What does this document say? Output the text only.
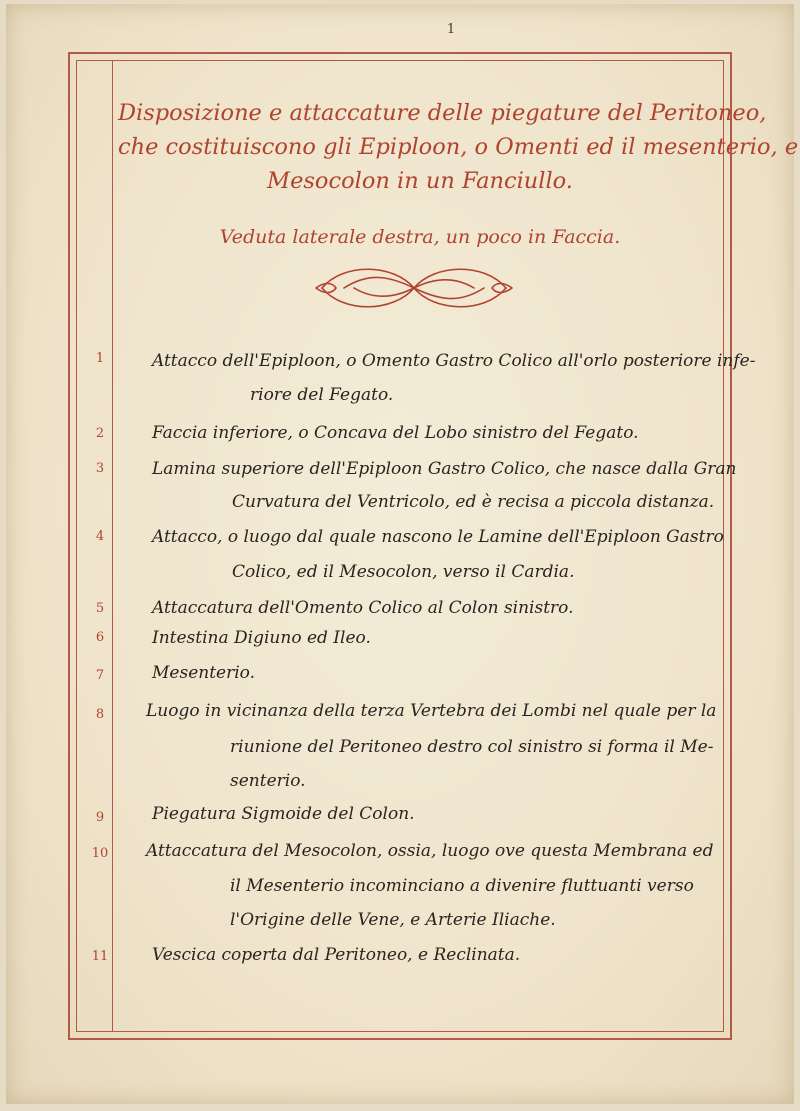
1
Disposizione e attaccature delle piegature del Peritoneo,
che costituiscono gli Epiploon, o Omenti ed il mesenterio, e
Mesocolon in un Fanciullo.
Veduta laterale destra, un poco in Faccia.
1	Attacco dell'Epiploon, o Omento Gastro Colico all'orlo posteriore infe-
riore del Fegato.
2	Faccia inferiore, o Concava del Lobo sinistro del Fegato.
3	Lamina superiore dell'Epiploon Gastro Colico, che nasce dalla Gran
Curvatura del Ventricolo, ed è recisa a piccola distanza.
4	Attacco, o luogo dal quale nascono le Lamine dell'Epiploon Gastro
Colico, ed il Mesocolon, verso il Cardia.
5	Attaccatura dell'Omento Colico al Colon sinistro.
6	Intestina Digiuno ed Ileo.
7	Mesenterio.
8	Luogo in vicinanza della terza Vertebra dei Lombi nel quale per la
riunione del Peritoneo destro col sinistro si forma il Me-
senterio.
9	Piegatura Sigmoide del Colon.
10	Attaccatura del Mesocolon, ossia, luogo ove questa Membrana ed
il Mesenterio incominciano a divenire fluttuanti verso
l'Origine delle Vene, e Arterie Iliache.
11	Vescica coperta dal Peritoneo, e Reclinata.
